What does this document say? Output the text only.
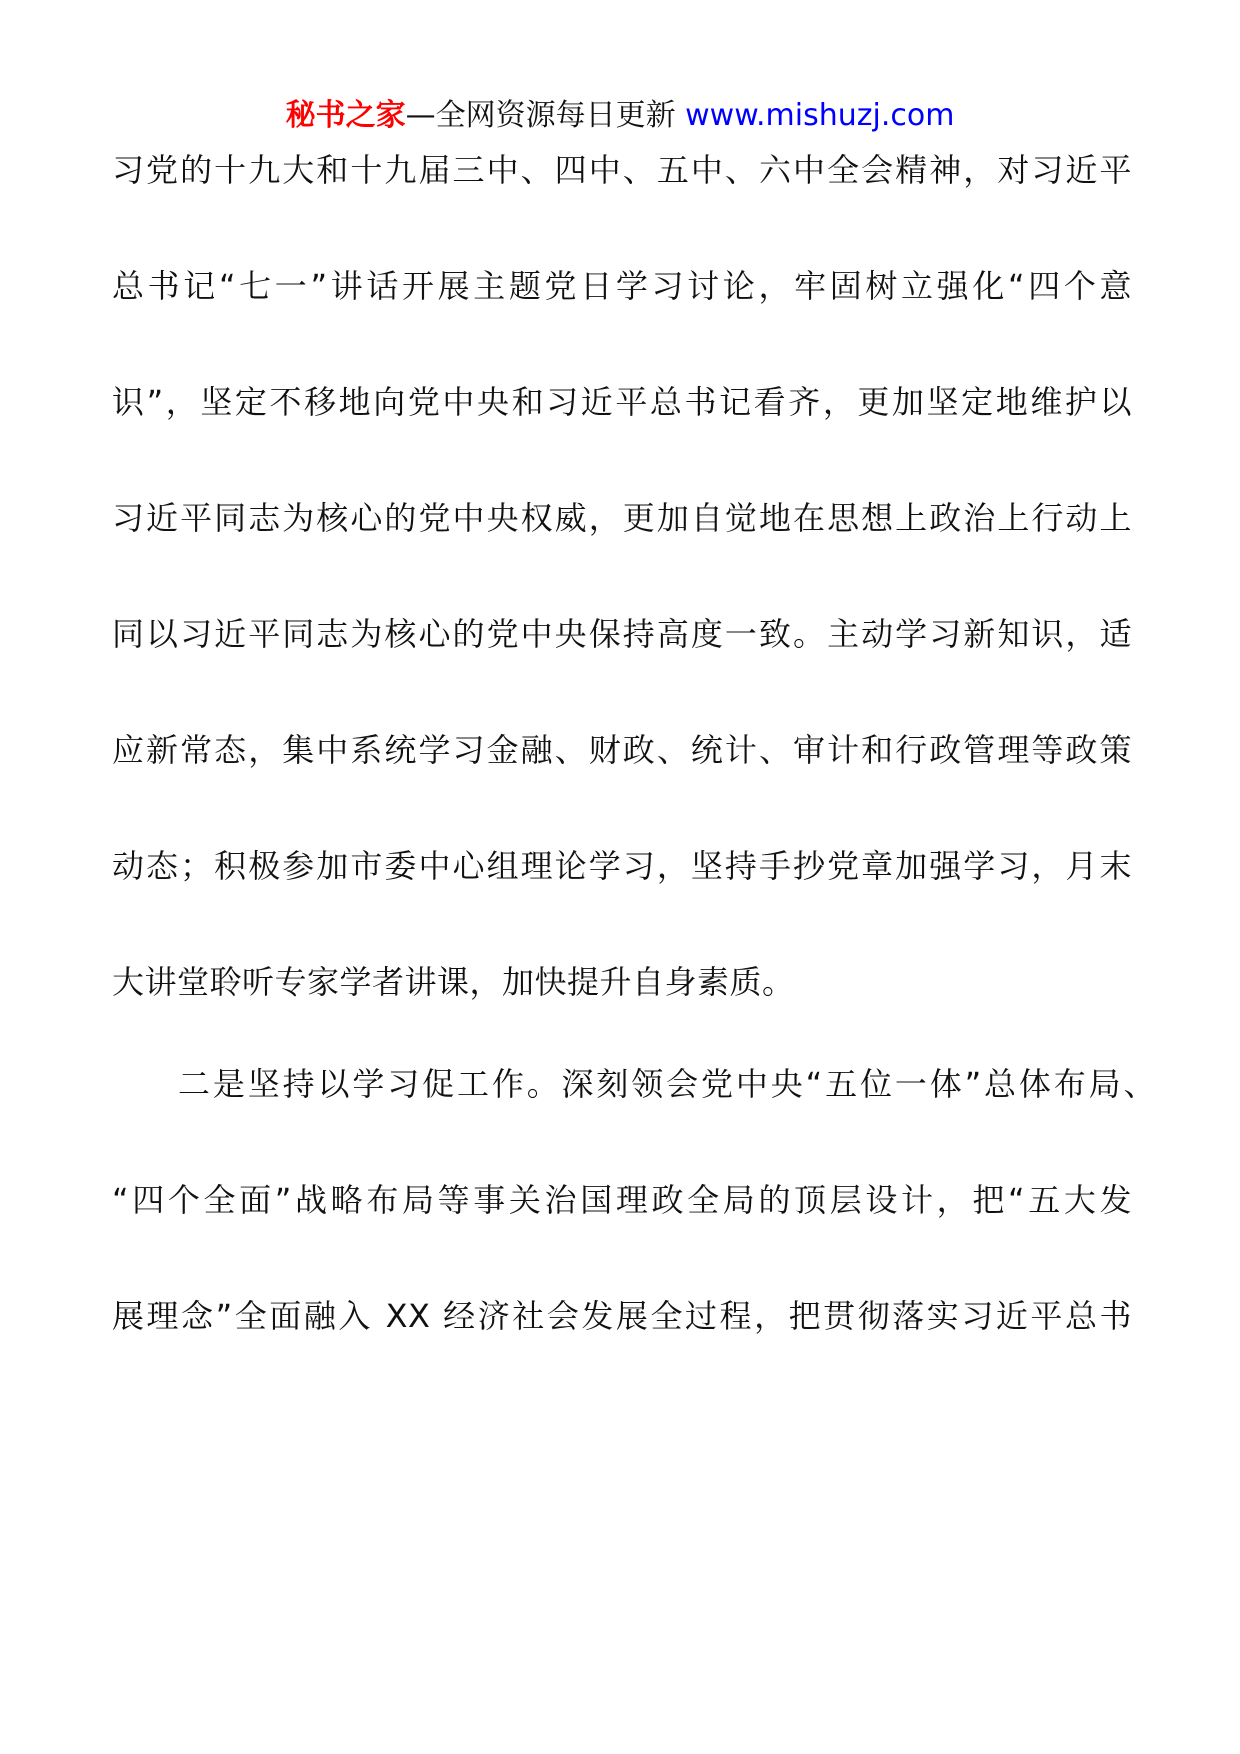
秘书之家—全网资源每日更新 www.mishuzj.com
习党的十九大和十九届三中、四中、五中、六中全会精神，对习近平
总书记“七一”讲话开展主题党日学习讨论，牢固树立强化“四个意
识”，坚定不移地向党中央和习近平总书记看齐，更加坚定地维护以
习近平同志为核心的党中央权威，更加自觉地在思想上政治上行动上
同以习近平同志为核心的党中央保持高度一致。主动学习新知识，适
应新常态，集中系统学习金融、财政、统计、审计和行政管理等政策
动态；积极参加市委中心组理论学习，坚持手抄党章加强学习，月末
大讲堂聆听专家学者讲课，加快提升自身素质。
二是坚持以学习促工作。深刻领会党中央“五位一体”总体布局、
“四个全面”战略布局等事关治国理政全局的顶层设计，把“五大发
展理念”全面融入 XX 经济社会发展全过程，把贯彻落实习近平总书
